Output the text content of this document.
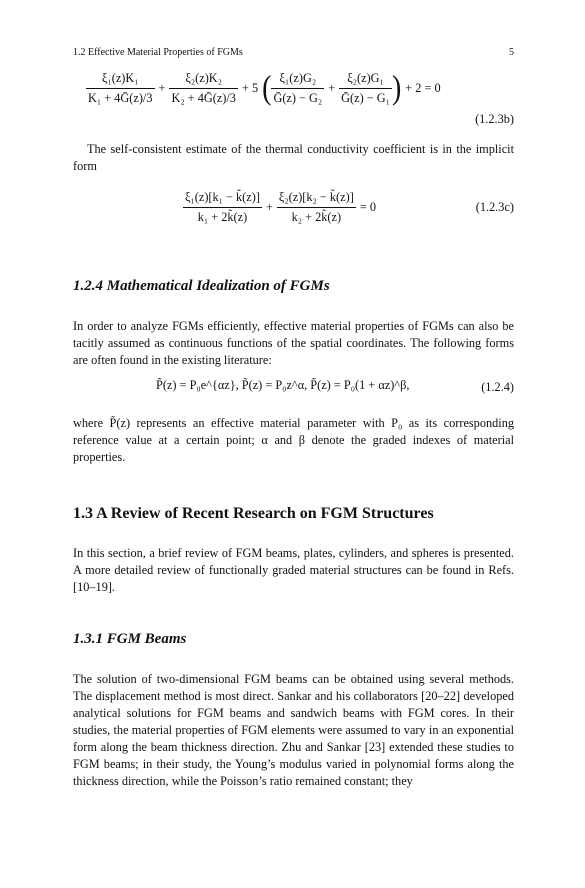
1.2 Effective Material Properties of FGMs	5
$\frac{\text{ξ₁(z)K₁}}{\text{K₁ + 4Ḡ(z)/3}} + \frac{\text{ξ₂(z)K₂}}{\text{K₂ + 4Ḡ(z)/3}} + 5$ ( $\frac{\text{ξ₁(z)G₂}}{\text{Ḡ(z) − G₂}} + \frac{\text{ξ₂(z)G₁}}{\text{Ḡ(z) − G₁}}$ ) + 2 = 0
(1.2.3b)
The self-consistent estimate of the thermal conductivity coefficient is in the implicit form
$\frac{\text{ξ₁(z)[k₁ − k̃(z)]}}{\text{k₁ + 2k̃(z)}} + \frac{\text{ξ₂(z)[k₂ − k̃(z)]}}{\text{k₂ + 2k̃(z)}} = 0$	(1.2.3c)
1.2.4 Mathematical Idealization of FGMs
In order to analyze FGMs efficiently, effective material properties of FGMs can also be tacitly assumed as continuous functions of the spatial coordinates. The following forms are often found in the existing literature:
P̃(z) = P₀e^{αz}, P̃(z) = P₀z^α, P̃(z) = P₀(1 + αz)^β,	(1.2.4)
where P̃(z) represents an effective material parameter with P₀ as its corresponding reference value at a certain point; α and β denote the graded indexes of material properties.
1.3 A Review of Recent Research on FGM Structures
In this section, a brief review of FGM beams, plates, cylinders, and spheres is presented. A more detailed review of functionally graded material structures can be found in Refs. [10–19].
1.3.1 FGM Beams
The solution of two-dimensional FGM beams can be obtained using several methods. The displacement method is most direct. Sankar and his collaborators [20–22] developed analytical solutions for FGM beams and sandwich beams with FGM cores. In their studies, the material properties of FGM elements were assumed to vary in an exponential form along the beam thickness direction. Zhu and Sankar [23] extended these studies to FGM beams; in their study, the Young’s modulus varied in polynomial forms along the thickness direction, while the Poisson’s ratio remained constant; they
